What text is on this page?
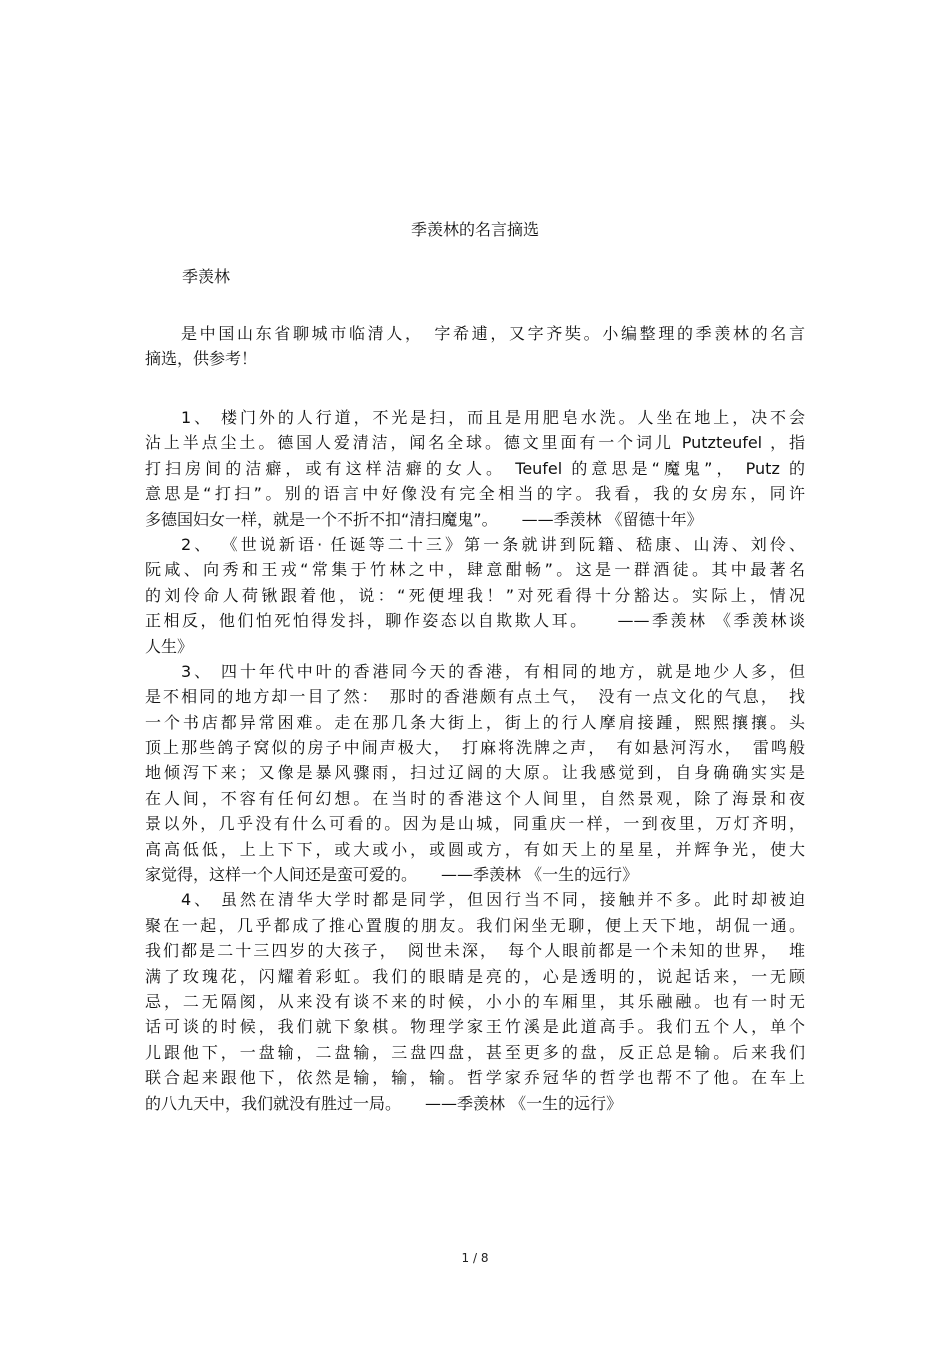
季羡林的名言摘选
季羡林
是中国山东省聊城市临清人，　字希逋，又字齐奘。小编整理的季羡林的名言
摘选，供参考！
1、 楼门外的人行道，不光是扫，而且是用肥皂水洗。人坐在地上，决不会
沾上半点尘土。德国人爱清洁，闻名全球。德文里面有一个词儿 Putzteufel ，指
打扫房间的洁癖，或有这样洁癖的女人。 Teufel 的意思是“魔鬼”， Putz 的
意思是“打扫”。别的语言中好像没有完全相当的字。我看，我的女房东，同许
多德国妇女一样，就是一个不折不扣“清扫魔鬼”。　　——季羡林 《留德十年》
2、 《世说新语· 任诞等二十三》第一条就讲到阮籍、嵇康、山涛、刘伶、
阮咸、向秀和王戎“常集于竹林之中，肆意酣畅”。这是一群酒徒。其中最著名
的刘伶命人荷锹跟着他，说：“死便埋我！”对死看得十分豁达。实际上，情况
正相反，他们怕死怕得发抖，聊作姿态以自欺欺人耳。　　——季羡林 《季羡林谈
人生》
3、 四十年代中叶的香港同今天的香港，有相同的地方，就是地少人多，但
是不相同的地方却一目了然：　那时的香港颇有点土气，　没有一点文化的气息，　找
一个书店都异常困难。走在那几条大街上，街上的行人摩肩接踵，熙熙攘攘。头
顶上那些鸽子窝似的房子中闹声极大，　打麻将洗牌之声，　有如悬河泻水，　雷鸣般
地倾泻下来；又像是暴风骤雨，扫过辽阔的大原。让我感觉到，自身确确实实是
在人间，不容有任何幻想。在当时的香港这个人间里，自然景观，除了海景和夜
景以外，几乎没有什么可看的。因为是山城，同重庆一样，一到夜里，万灯齐明，
高高低低，上上下下，或大或小，或圆或方，有如天上的星星，并辉争光，使大
家觉得，这样一个人间还是蛮可爱的。　　——季羡林 《一生的远行》
4、 虽然在清华大学时都是同学，但因行当不同，接触并不多。此时却被迫
聚在一起，几乎都成了推心置腹的朋友。我们闲坐无聊，便上天下地，胡侃一通。
我们都是二十三四岁的大孩子，　阅世未深，　每个人眼前都是一个未知的世界，　堆
满了玫瑰花，闪耀着彩虹。我们的眼睛是亮的，心是透明的，说起话来，一无顾
忌，二无隔阂，从来没有谈不来的时候，小小的车厢里，其乐融融。也有一时无
话可谈的时候，我们就下象棋。物理学家王竹溪是此道高手。我们五个人，单个
儿跟他下，一盘输，二盘输，三盘四盘，甚至更多的盘，反正总是输。后来我们
联合起来跟他下，依然是输，输，输。哲学家乔冠华的哲学也帮不了他。在车上
的八九天中，我们就没有胜过一局。　　——季羡林 《一生的远行》
1 / 8
